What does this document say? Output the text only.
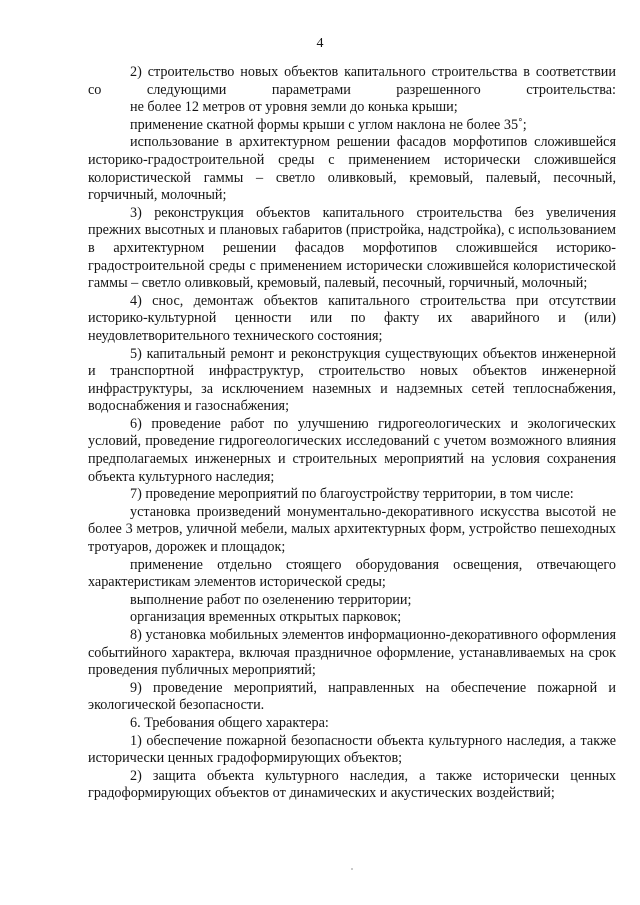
4

2) строительство новых объектов капитального строительства в соответствии со следующими параметрами разрешенного строительства:

не более 12 метров от уровня земли до конька крыши;

применение скатной формы крыши с углом наклона не более 35˚;

использование в архитектурном решении фасадов морфотипов сложившейся историко-градостроительной среды с применением исторически сложившейся колористической гаммы – светло оливковый, кремовый, палевый, песочный, горчичный, молочный;

3) реконструкция объектов капитального строительства без увеличения прежних высотных и плановых габаритов (пристройка, надстройка), с использованием в архитектурном решении фасадов морфотипов сложившейся историко-градостроительной среды с применением исторически сложившейся колористической гаммы – светло оливковый, кремовый, палевый, песочный, горчичный, молочный;

4) снос, демонтаж объектов капитального строительства при отсутствии историко-культурной ценности или по факту их аварийного и (или) неудовлетворительного технического состояния;

5) капитальный ремонт и реконструкция существующих объектов инженерной и транспортной инфраструктур, строительство новых объектов инженерной инфраструктуры, за исключением наземных и надземных сетей теплоснабжения, водоснабжения и газоснабжения;

6) проведение работ по улучшению гидрогеологических и экологических условий, проведение гидрогеологических исследований с учетом возможного влияния предполагаемых инженерных и строительных мероприятий на условия сохранения объекта культурного наследия;

7) проведение мероприятий по благоустройству территории, в том числе:

установка произведений монументально-декоративного искусства высотой не более 3 метров, уличной мебели, малых архитектурных форм, устройство пешеходных тротуаров, дорожек и площадок;

применение отдельно стоящего оборудования освещения, отвечающего характеристикам элементов исторической среды;

выполнение работ по озеленению территории;

организация временных открытых парковок;

8) установка мобильных элементов информационно-декоративного оформления событийного характера, включая праздничное оформление, устанавливаемых на срок проведения публичных мероприятий;

9) проведение мероприятий, направленных на обеспечение пожарной и экологической безопасности.

6. Требования общего характера:

1) обеспечение пожарной безопасности объекта культурного наследия, а также исторически ценных градоформирующих объектов;

2) защита объекта культурного наследия, а также исторически ценных градоформирующих объектов от динамических и акустических воздействий;
